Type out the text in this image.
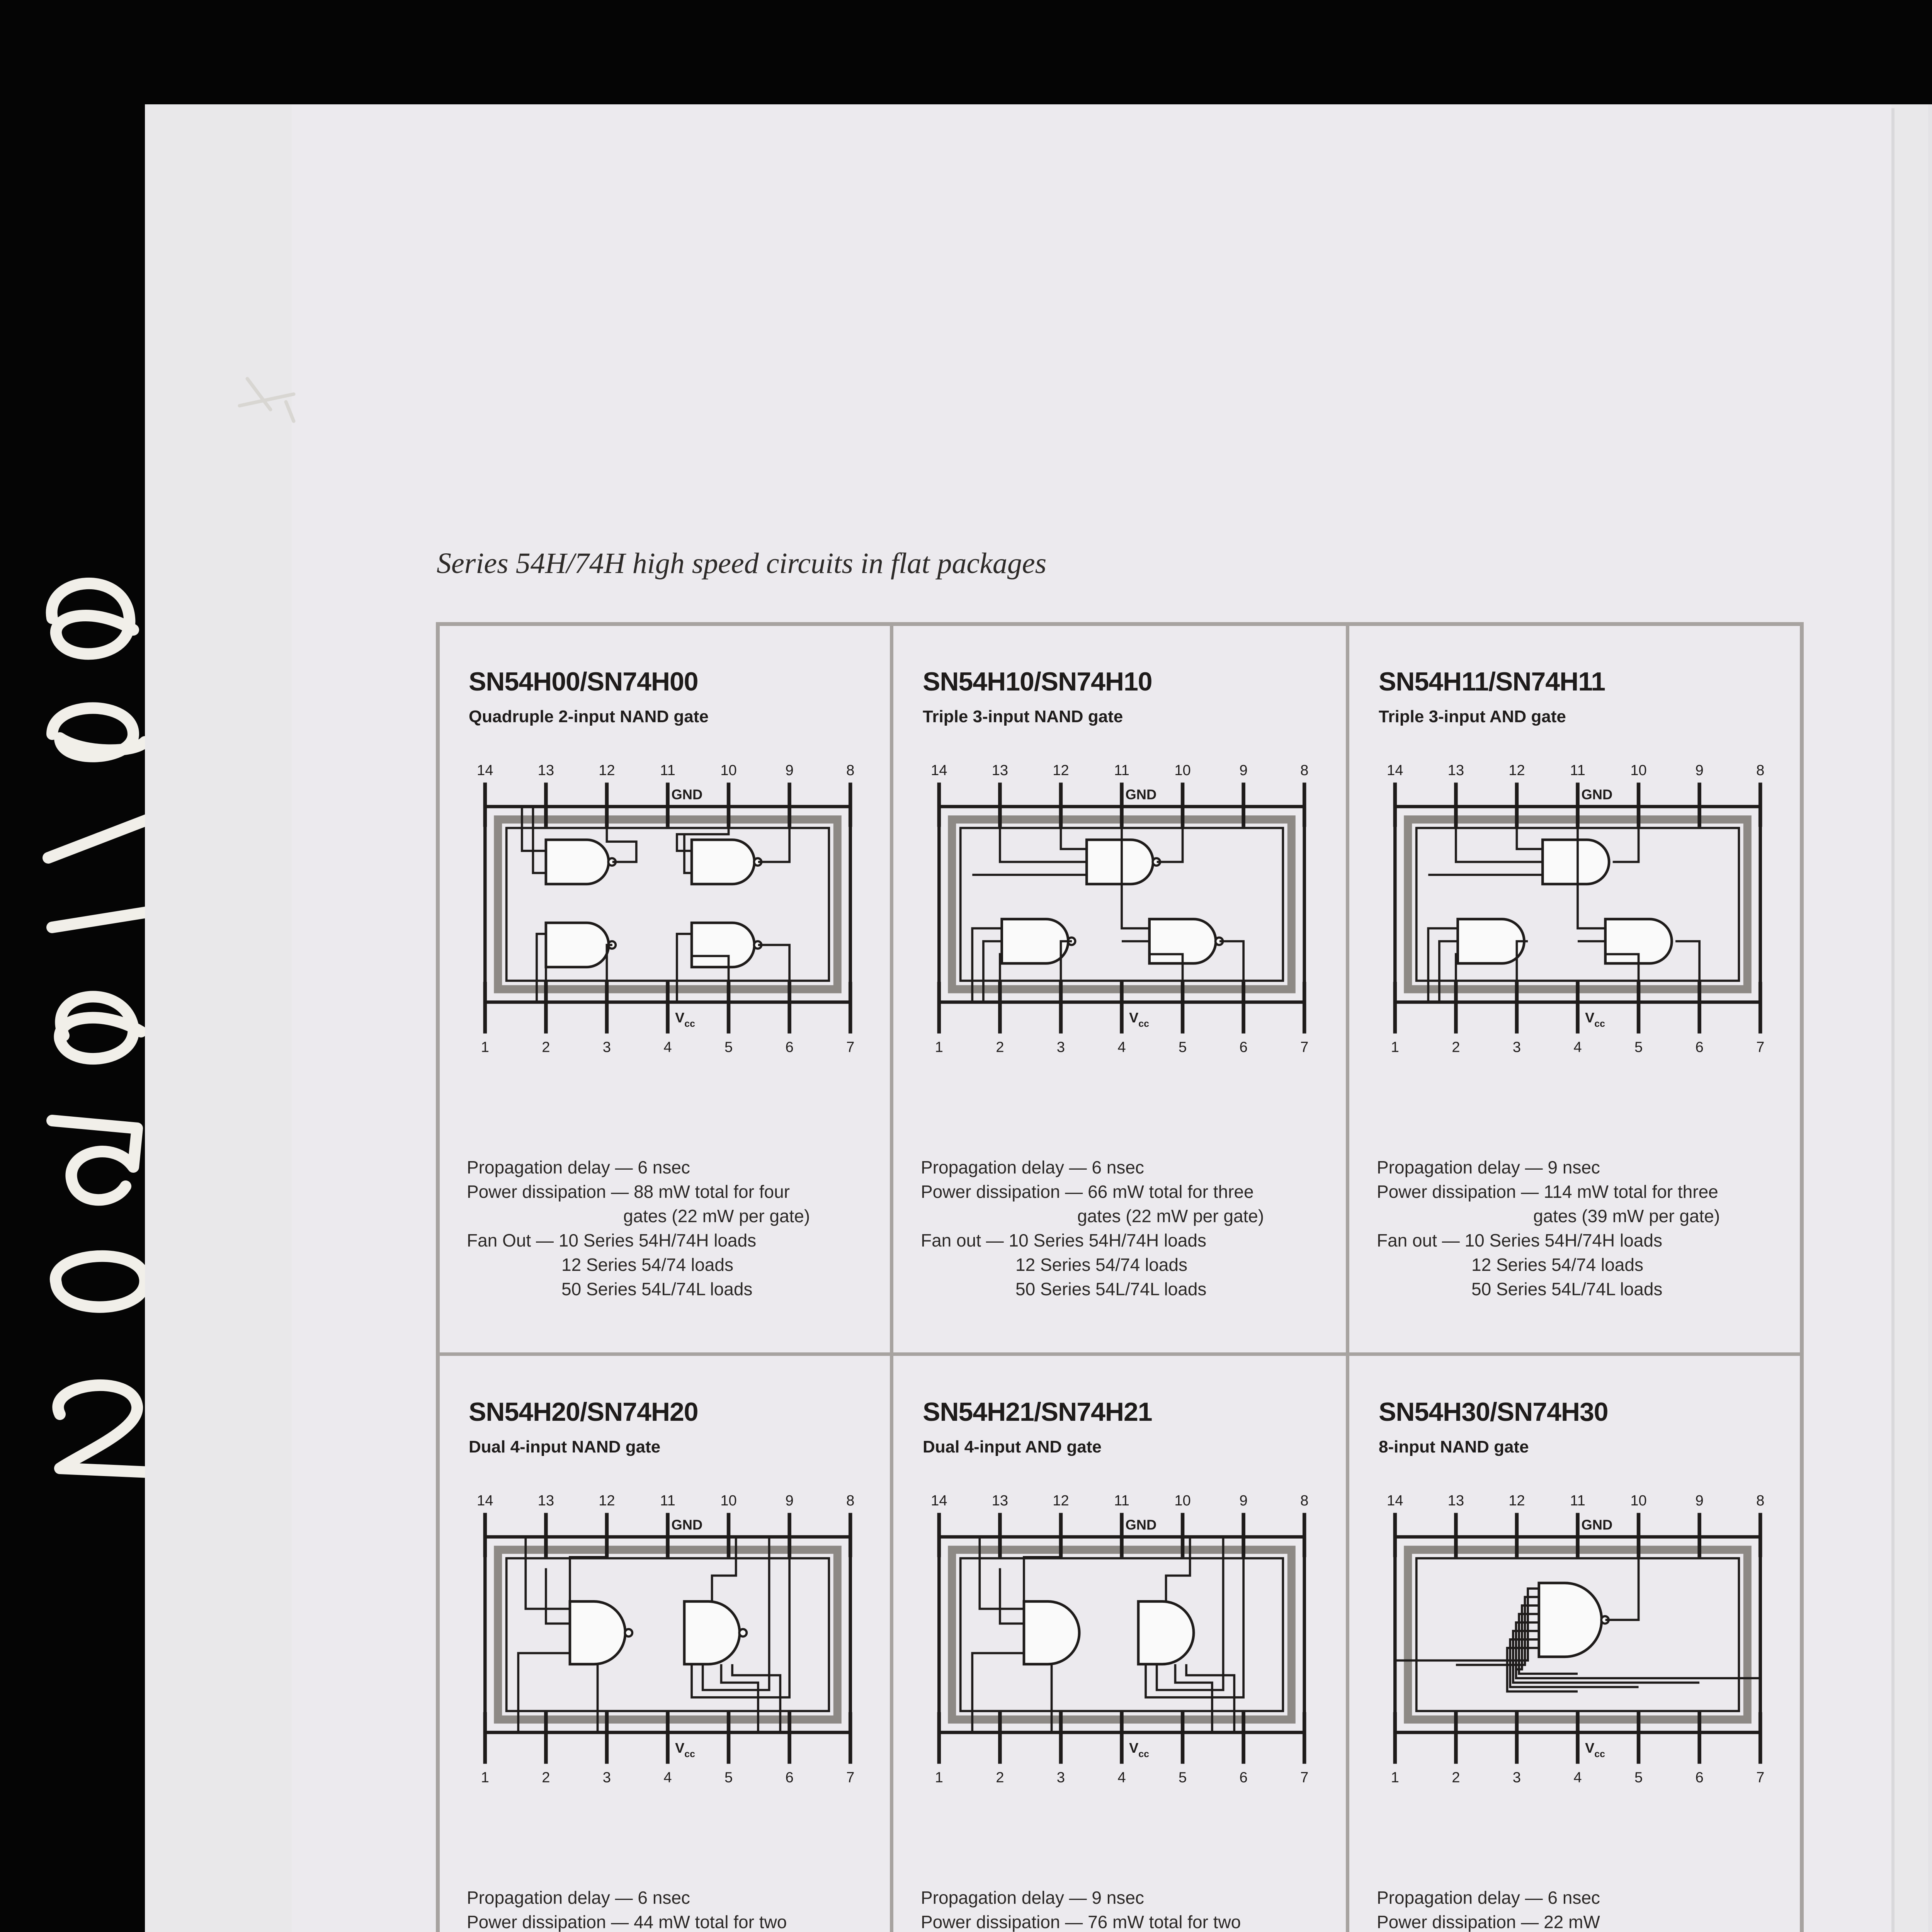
Series 54H/74H high speed circuits in flat packages
SN54H00/SN74H00
Quadruple 2-input NAND gate
14	13	12	11	10	9	8
1	2	3	4	5	6	7
GND
$V_{cc}$
Propagation delay — 6 nsec
Power dissipation — 88 mW total for four
gates (22 mW per gate)
Fan Out — 10 Series 54H/74H loads
12 Series 54/74 loads
50 Series 54L/74L loads
SN54H10/SN74H10
Triple 3-input NAND gate
14	13	12	11	10	9	8
1	2	3	4	5	6	7
GND
$V_{cc}$
Propagation delay — 6 nsec
Power dissipation — 66 mW total for three
gates (22 mW per gate)
Fan out — 10 Series 54H/74H loads
12 Series 54/74 loads
50 Series 54L/74L loads
SN54H11/SN74H11
Triple 3-input AND gate
14	13	12	11	10	9	8
1	2	3	4	5	6	7
GND
$V_{cc}$
Propagation delay — 9 nsec
Power dissipation — 114 mW total for three
gates (39 mW per gate)
Fan out — 10 Series 54H/74H loads
12 Series 54/74 loads
50 Series 54L/74L loads
SN54H20/SN74H20
Dual 4-input NAND gate
14	13	12	11	10	9	8
1	2	3	4	5	6	7
GND
$V_{cc}$
Propagation delay — 6 nsec
Power dissipation — 44 mW total for two
SN54H21/SN74H21
Dual 4-input AND gate
14	13	12	11	10	9	8
1	2	3	4	5	6	7
GND
$V_{cc}$
Propagation delay — 9 nsec
Power dissipation — 76 mW total for two
SN54H30/SN74H30
8-input NAND gate
14	13	12	11	10	9	8
1	2	3	4	5	6	7
GND
$V_{cc}$
Propagation delay — 6 nsec
Power dissipation — 22 mW
